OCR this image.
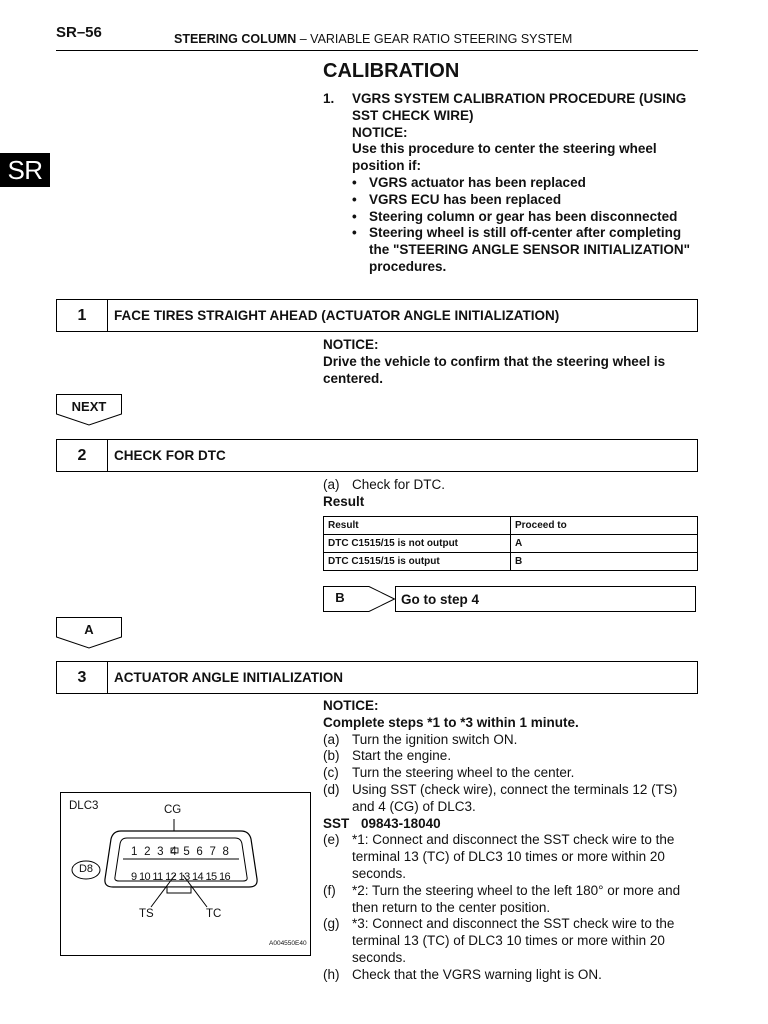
SR–56	STEERING COLUMN – VARIABLE GEAR RATIO STEERING SYSTEM
SR
CALIBRATION
1.	VGRS SYSTEM CALIBRATION PROCEDURE (USING
SST CHECK WIRE)
NOTICE:
Use this procedure to center the steering wheel
position if:
• VGRS actuator has been replaced
• VGRS ECU has been replaced
• Steering column or gear has been disconnected
• Steering wheel is still off-center after completing
the "STEERING ANGLE SENSOR INITIALIZATION"
procedures.
1	FACE TIRES STRAIGHT AHEAD (ACTUATOR ANGLE INITIALIZATION)
NOTICE:
Drive the vehicle to confirm that the steering wheel is
centered.
NEXT
2	CHECK FOR DTC
(a) Check for DTC.
Result
Result	Proceed to
DTC C1515/15 is not output	A
DTC C1515/15 is output	B
B	Go to step 4
A
3	ACTUATOR ANGLE INITIALIZATION
NOTICE:
Complete steps *1 to *3 within 1 minute.
(a) Turn the ignition switch ON.
(b) Start the engine.
(c) Turn the steering wheel to the center.
(d) Using SST (check wire), connect the terminals 12 (TS)
and 4 (CG) of DLC3.
SST 09843-18040
(e) *1: Connect and disconnect the SST check wire to the
terminal 13 (TC) of DLC3 10 times or more within 20
seconds.
(f)	*2: Turn the steering wheel to the left 180° or more and
then return to the center position.
(g) *3: Connect and disconnect the SST check wire to the
terminal 13 (TC) of DLC3 10 times or more within 20
seconds.
(h) Check that the VGRS warning light is ON.
DLC3	CG
1 2 3 4 5 6 7 8
9 10 11 12 13 14 15 16
D8
TS	TC
A004550E40
